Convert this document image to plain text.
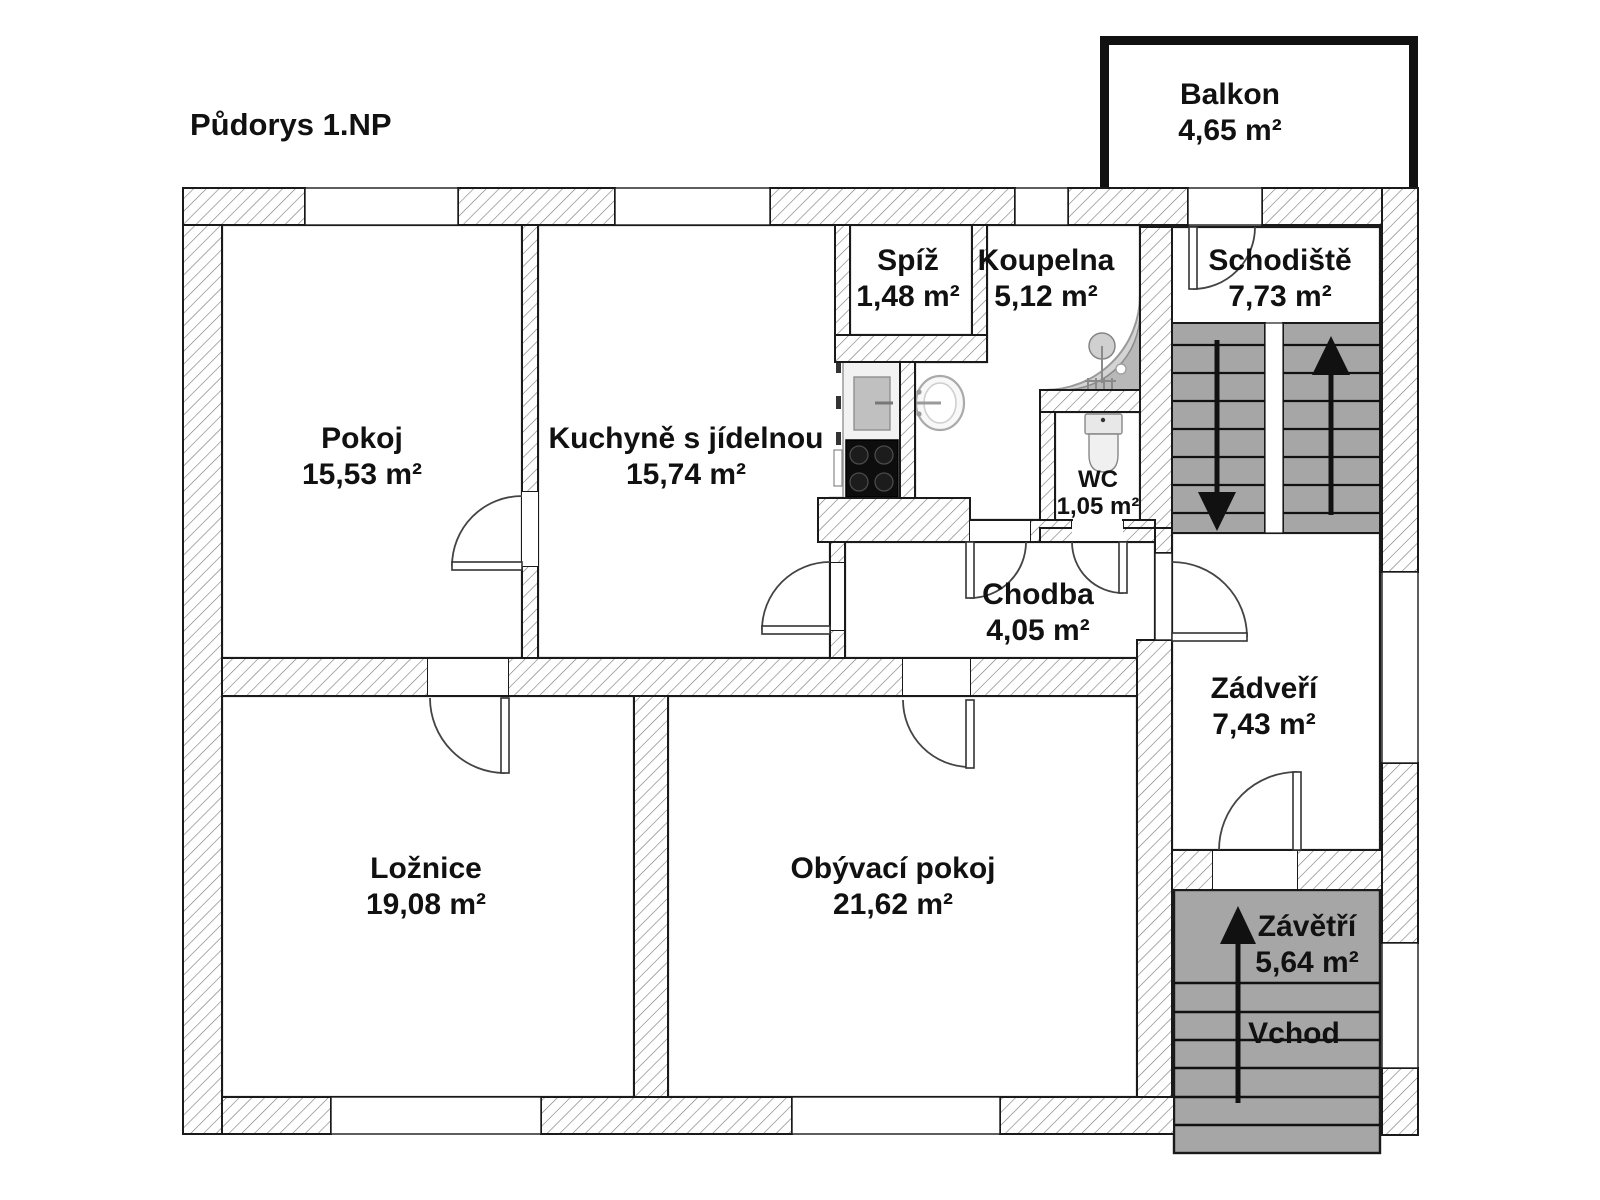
Půdorys 1.NP
Balkon
4,65 m²
Pokoj
15,53 m²
Kuchyně s jídelnou
15,74 m²
Spíž
1,48 m²
Koupelna
5,12 m²
Schodiště
7,73 m²
WC
1,05 m²
Chodba
4,05 m²
Zádveří
7,43 m²
Ložnice
19,08 m²
Obývací pokoj
21,62 m²
Závětří
5,64 m²
Vchod
